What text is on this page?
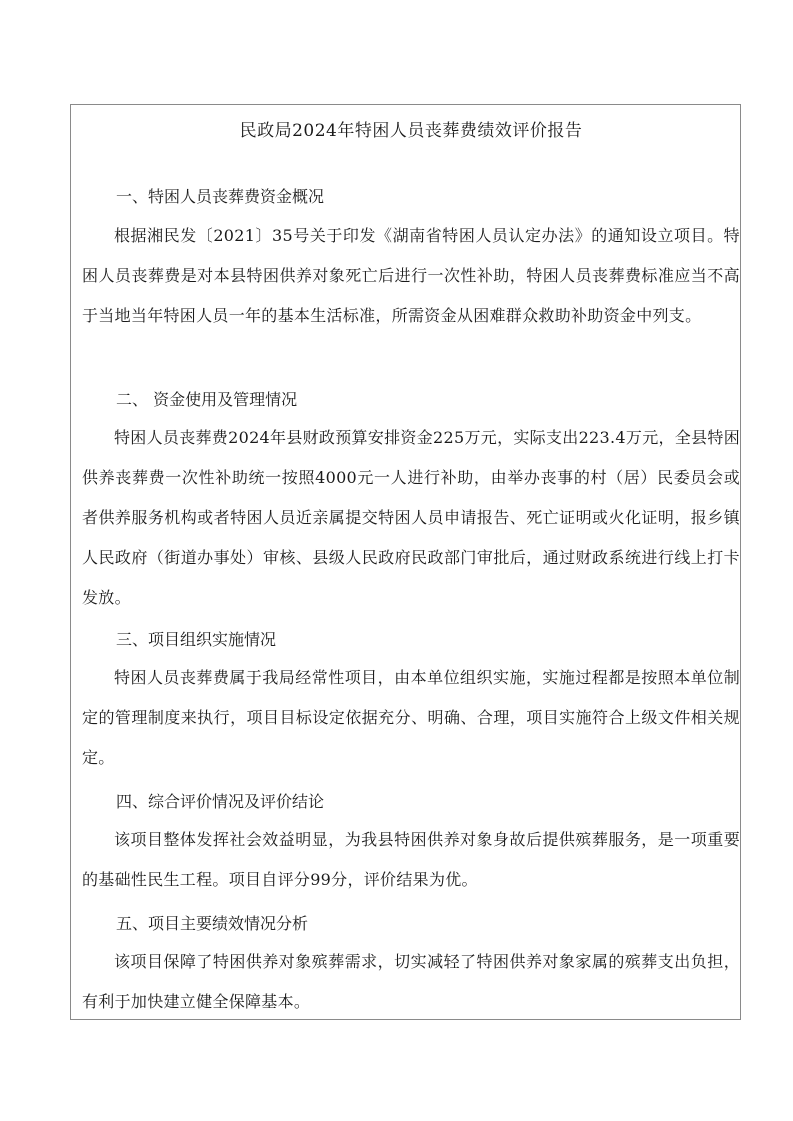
民政局2024年特困人员丧葬费绩效评价报告
一、特困人员丧葬费资金概况

根据湘民发〔2021〕35号关于印发《湖南省特困人员认定办法》的通知设立项目。特困人员丧葬费是对本县特困供养对象死亡后进行一次性补助，特困人员丧葬费标准应当不高于当地当年特困人员一年的基本生活标准，所需资金从困难群众救助补助资金中列支。

二、 资金使用及管理情况

特困人员丧葬费2024年县财政预算安排资金225万元，实际支出223.4万元，全县特困供养丧葬费一次性补助统一按照4000元一人进行补助，由举办丧事的村（居）民委员会或者供养服务机构或者特困人员近亲属提交特困人员申请报告、死亡证明或火化证明，报乡镇人民政府（街道办事处）审核、县级人民政府民政部门审批后，通过财政系统进行线上打卡发放。

三、项目组织实施情况

特困人员丧葬费属于我局经常性项目，由本单位组织实施，实施过程都是按照本单位制定的管理制度来执行，项目目标设定依据充分、明确、合理，项目实施符合上级文件相关规定。

四、综合评价情况及评价结论

该项目整体发挥社会效益明显，为我县特困供养对象身故后提供殡葬服务，是一项重要的基础性民生工程。项目自评分99分，评价结果为优。

五、项目主要绩效情况分析

该项目保障了特困供养对象殡葬需求，切实减轻了特困供养对象家属的殡葬支出负担，有利于加快建立健全保障基本。
